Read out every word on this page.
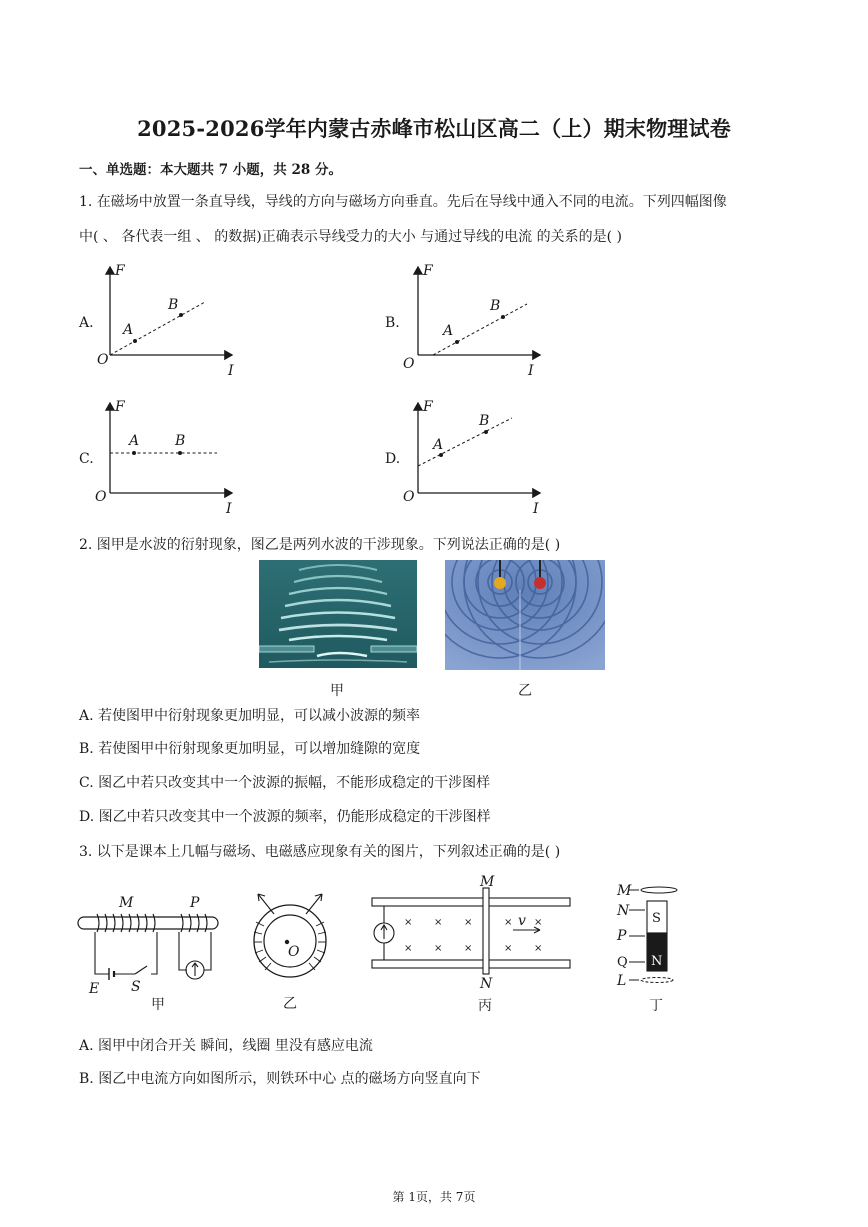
2025-2026学年内蒙古赤峰市松山区高二（上）期末物理试卷
一、单选题：本大题共 7 小题，共 28 分。
1. 在磁场中放置一条直导线，导线的方向与磁场方向垂直。先后在导线中通入不同的电流。下列四幅图像
中( 、 各代表一组 、 的数据)正确表示导线受力的大小 与通过导线的电流 的关系的是( )
A.
F
I
O
A
B
B.
F
I
O
A
B
C.
F
I
O
A	B
D.
F
I
O
A
B
2. 图甲是水波的衍射现象，图乙是两列水波的干涉现象。下列说法正确的是( )
甲	乙
A. 若使图甲中衍射现象更加明显，可以减小波源的频率
B. 若使图甲中衍射现象更加明显，可以增加缝隙的宽度
C. 图乙中若只改变其中一个波源的振幅，不能形成稳定的干涉图样
D. 图乙中若只改变其中一个波源的频率，仍能形成稳定的干涉图样
3. 以下是课本上几幅与磁场、电磁感应现象有关的图片，下列叙述正确的是( )
M	P
E S
甲
O
乙
× × ×	× ×
× × ×	× ×
v
M
N
丙
M
N S
P
N
Q
L
丁
A. 图甲中闭合开关 瞬间，线圈 里没有感应电流
B. 图乙中电流方向如图所示，则铁环中心 点的磁场方向竖直向下
第 1页，共 7页
